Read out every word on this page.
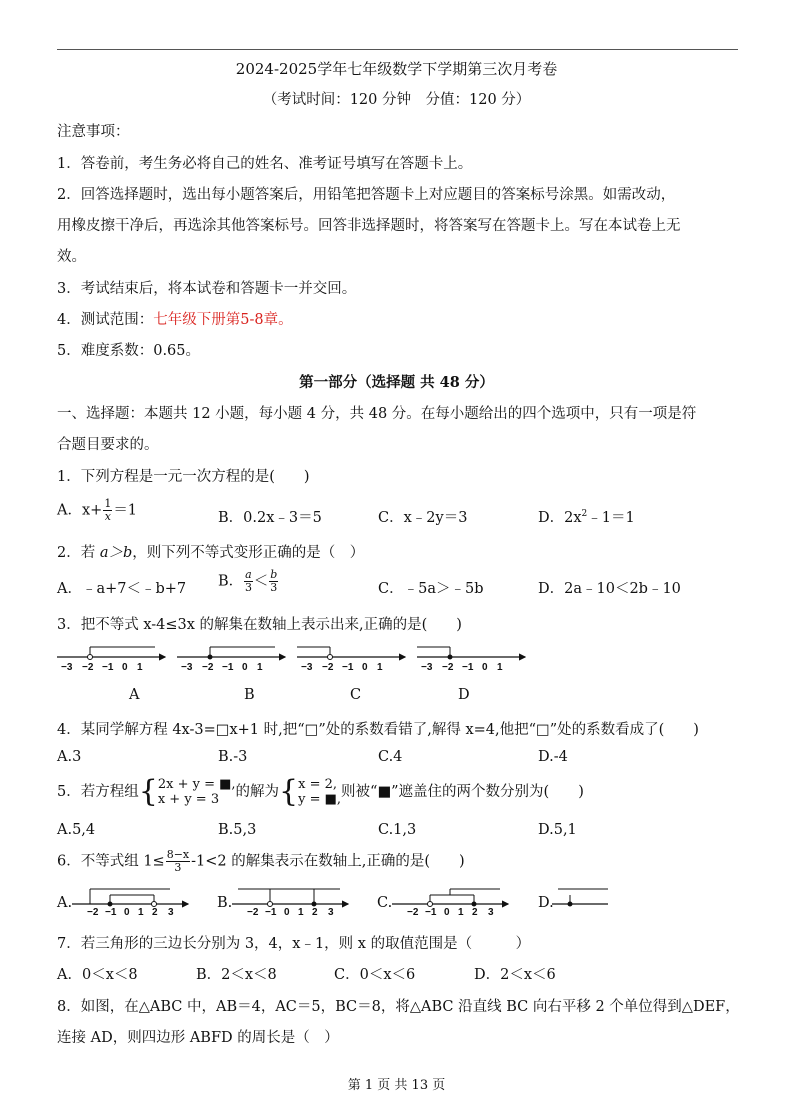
2024-2025学年七年级数学下学期第三次月考卷
（考试时间：120 分钟　分值：120 分）
注意事项：
1．答卷前，考生务必将自己的姓名、准考证号填写在答题卡上。
2．回答选择题时，选出每小题答案后，用铅笔把答题卡上对应题目的答案标号涂黑。如需改动，
用橡皮擦干净后，再选涂其他答案标号。回答非选择题时，将答案写在答题卡上。写在本试卷上无
效。
3．考试结束后，将本试卷和答题卡一并交回。
4．测试范围：七年级下册第5-8章。
5．难度系数：0.65。
第一部分（选择题 共 48 分）
一、选择题：本题共 12 小题，每小题 4 分，共 48 分。在每小题给出的四个选项中，只有一项是符
合题目要求的。
1．下列方程是一元一次方程的是(　　)
A．$x+ \frac{1}{x} =1$	B．0.2x﹣3＝5	C．x﹣2y＝3	D．$2x^2﹣1=1$
2．若 a＞b，则下列不等式变形正确的是（　）
A．﹣a+7＜﹣b+7 B． $\frac{a}{3} < \frac{b}{3}$	C．﹣5a＞﹣5b	D．2a﹣10＜2b﹣10
3．把不等式 x-4≤3x 的解集在数轴上表示出来,正确的是(　　)
−3 −2 −1 0 1	−3 −2 −1 0 1	−3 −2 −1 0 1	−3 −2 −1 0 1
A	B	C	D
4．某同学解方程 4x-3=□x+1 时,把“□”处的系数看错了,解得 x=4,他把“□”处的系数看成了(　　)
A.3	B.-3	C.4	D.-4
5．若方程组{ 2x + y = ■,
x + y = 3	的解为{ x = 2,
y = ■, 则被“■”遮盖住的两个数分别为(　　)
A.5,4	B.5,3	C.1,3	D.5,1
6．不等式组 $1\le \frac{8-x}{3} -1<2$ 的解集表示在数轴上,正确的是(　　)
A.	B.	C.	D.
−2 −1 0 1 2 3	−2 −1 0 1 2 3	−2 −1 0 1 2 3
7．若三角形的三边长分别为 3，4，x﹣1，则 x 的取值范围是（　　　）
A．0＜x＜8	B．2＜x＜8	C．0＜x＜6	D．2＜x＜6
8．如图，在△ABC 中，AB＝4，AC＝5，BC＝8，将△ABC 沿直线 BC 向右平移 2 个单位得到△DEF，
连接 AD，则四边形 ABFD 的周长是（　）
第 1 页 共 13 页
